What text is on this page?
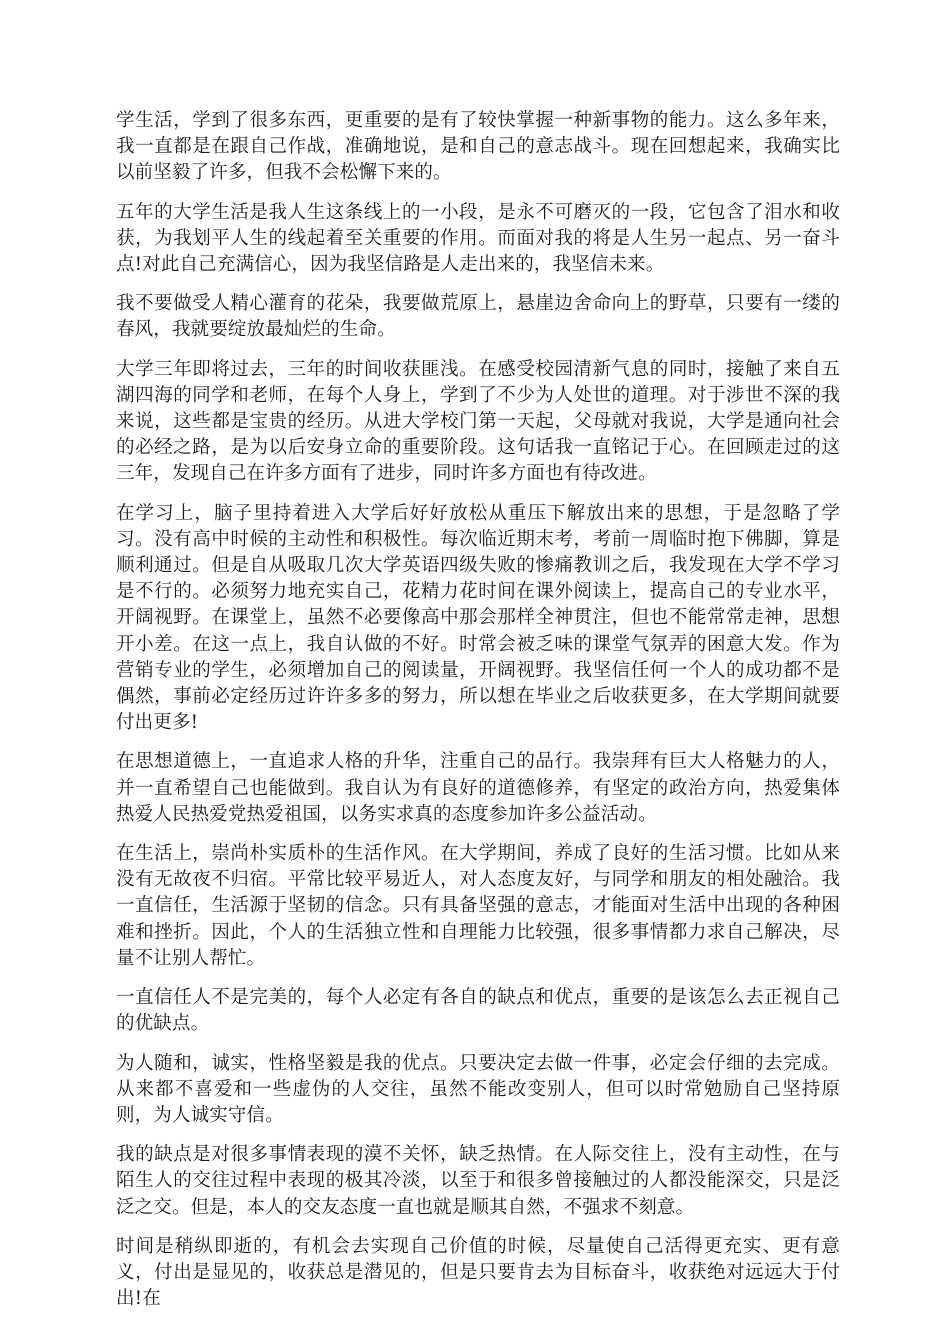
学生活，学到了很多东西，更重要的是有了较快掌握一种新事物的能力。这么多年来，我一直都是在跟自己作战，准确地说，是和自己的意志战斗。现在回想起来，我确实比以前坚毅了许多，但我不会松懈下来的。

五年的大学生活是我人生这条线上的一小段，是永不可磨灭的一段，它包含了泪水和收获，为我划平人生的线起着至关重要的作用。而面对我的将是人生另一起点、另一奋斗点!对此自己充满信心，因为我坚信路是人走出来的，我坚信未来。

我不要做受人精心灌育的花朵，我要做荒原上，悬崖边舍命向上的野草，只要有一缕的春风，我就要绽放最灿烂的生命。

大学三年即将过去，三年的时间收获匪浅。在感受校园清新气息的同时，接触了来自五湖四海的同学和老师，在每个人身上，学到了不少为人处世的道理。对于涉世不深的我来说，这些都是宝贵的经历。从进大学校门第一天起，父母就对我说，大学是通向社会的必经之路，是为以后安身立命的重要阶段。这句话我一直铭记于心。在回顾走过的这三年，发现自己在许多方面有了进步，同时许多方面也有待改进。

在学习上，脑子里持着进入大学后好好放松从重压下解放出来的思想，于是忽略了学习。没有高中时候的主动性和积极性。每次临近期末考，考前一周临时抱下佛脚，算是顺利通过。但是自从吸取几次大学英语四级失败的惨痛教训之后，我发现在大学不学习是不行的。必须努力地充实自己，花精力花时间在课外阅读上，提高自己的专业水平，开阔视野。在课堂上，虽然不必要像高中那会那样全神贯注，但也不能常常走神，思想开小差。在这一点上，我自认做的不好。时常会被乏味的课堂气氛弄的困意大发。作为营销专业的学生，必须增加自己的阅读量，开阔视野。我坚信任何一个人的成功都不是偶然，事前必定经历过许许多多的努力，所以想在毕业之后收获更多，在大学期间就要付出更多!

在思想道德上，一直追求人格的升华，注重自己的品行。我崇拜有巨大人格魅力的人，并一直希望自己也能做到。我自认为有良好的道德修养，有坚定的政治方向，热爱集体热爱人民热爱党热爱祖国，以务实求真的态度参加许多公益活动。

在生活上，崇尚朴实质朴的生活作风。在大学期间，养成了良好的生活习惯。比如从来没有无故夜不归宿。平常比较平易近人，对人态度友好，与同学和朋友的相处融洽。我一直信任，生活源于坚韧的信念。只有具备坚强的意志，才能面对生活中出现的各种困难和挫折。因此，个人的生活独立性和自理能力比较强，很多事情都力求自己解决，尽量不让别人帮忙。

一直信任人不是完美的，每个人必定有各自的缺点和优点，重要的是该怎么去正视自己的优缺点。

为人随和，诚实，性格坚毅是我的优点。只要决定去做一件事，必定会仔细的去完成。从来都不喜爱和一些虚伪的人交往，虽然不能改变别人，但可以时常勉励自己坚持原则，为人诚实守信。

我的缺点是对很多事情表现的漠不关怀，缺乏热情。在人际交往上，没有主动性，在与陌生人的交往过程中表现的极其冷淡，以至于和很多曾接触过的人都没能深交，只是泛泛之交。但是，本人的交友态度一直也就是顺其自然，不强求不刻意。

时间是稍纵即逝的，有机会去实现自己价值的时候，尽量使自己活得更充实、更有意义，付出是显见的，收获总是潜见的，但是只要肯去为目标奋斗，收获绝对远远大于付出!在
